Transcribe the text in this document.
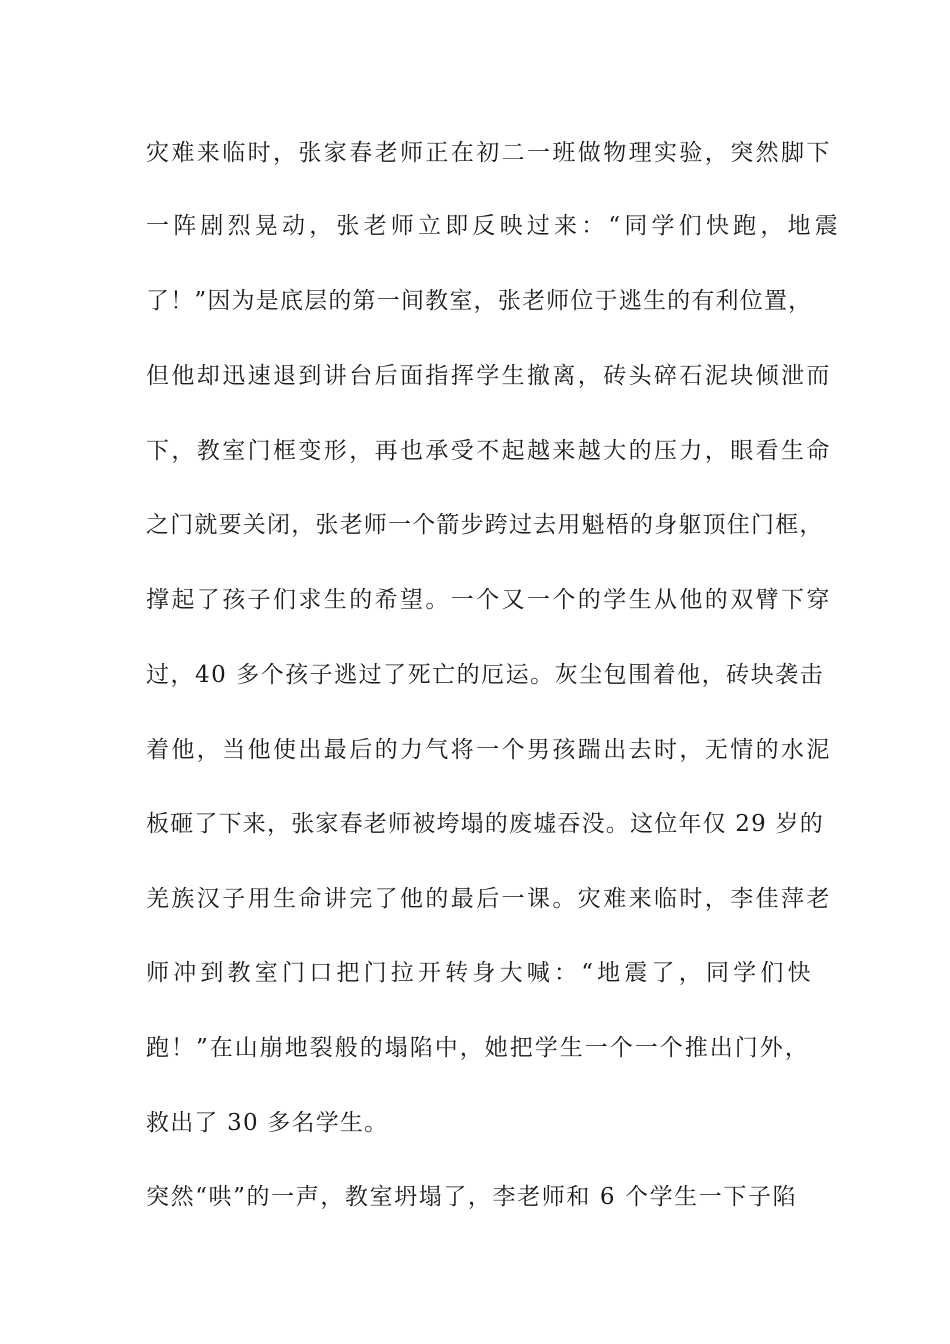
灾难来临时，张家春老师正在初二一班做物理实验，突然脚下
一阵剧烈晃动，张老师立即反映过来：“同学们快跑，地震
了！”因为是底层的第一间教室，张老师位于逃生的有利位置，
但他却迅速退到讲台后面指挥学生撤离，砖头碎石泥块倾泄而
下，教室门框变形，再也承受不起越来越大的压力，眼看生命
之门就要关闭，张老师一个箭步跨过去用魁梧的身躯顶住门框，
撑起了孩子们求生的希望。一个又一个的学生从他的双臂下穿
过，40 多个孩子逃过了死亡的厄运。灰尘包围着他，砖块袭击
着他，当他使出最后的力气将一个男孩踹出去时，无情的水泥
板砸了下来，张家春老师被垮塌的废墟吞没。这位年仅 29 岁的
羌族汉子用生命讲完了他的最后一课。灾难来临时，李佳萍老
师冲到教室门口把门拉开转身大喊：“地震了，同学们快
跑！”在山崩地裂般的塌陷中，她把学生一个一个推出门外，
救出了 30 多名学生。
突然“哄”的一声，教室坍塌了，李老师和 6 个学生一下子陷
